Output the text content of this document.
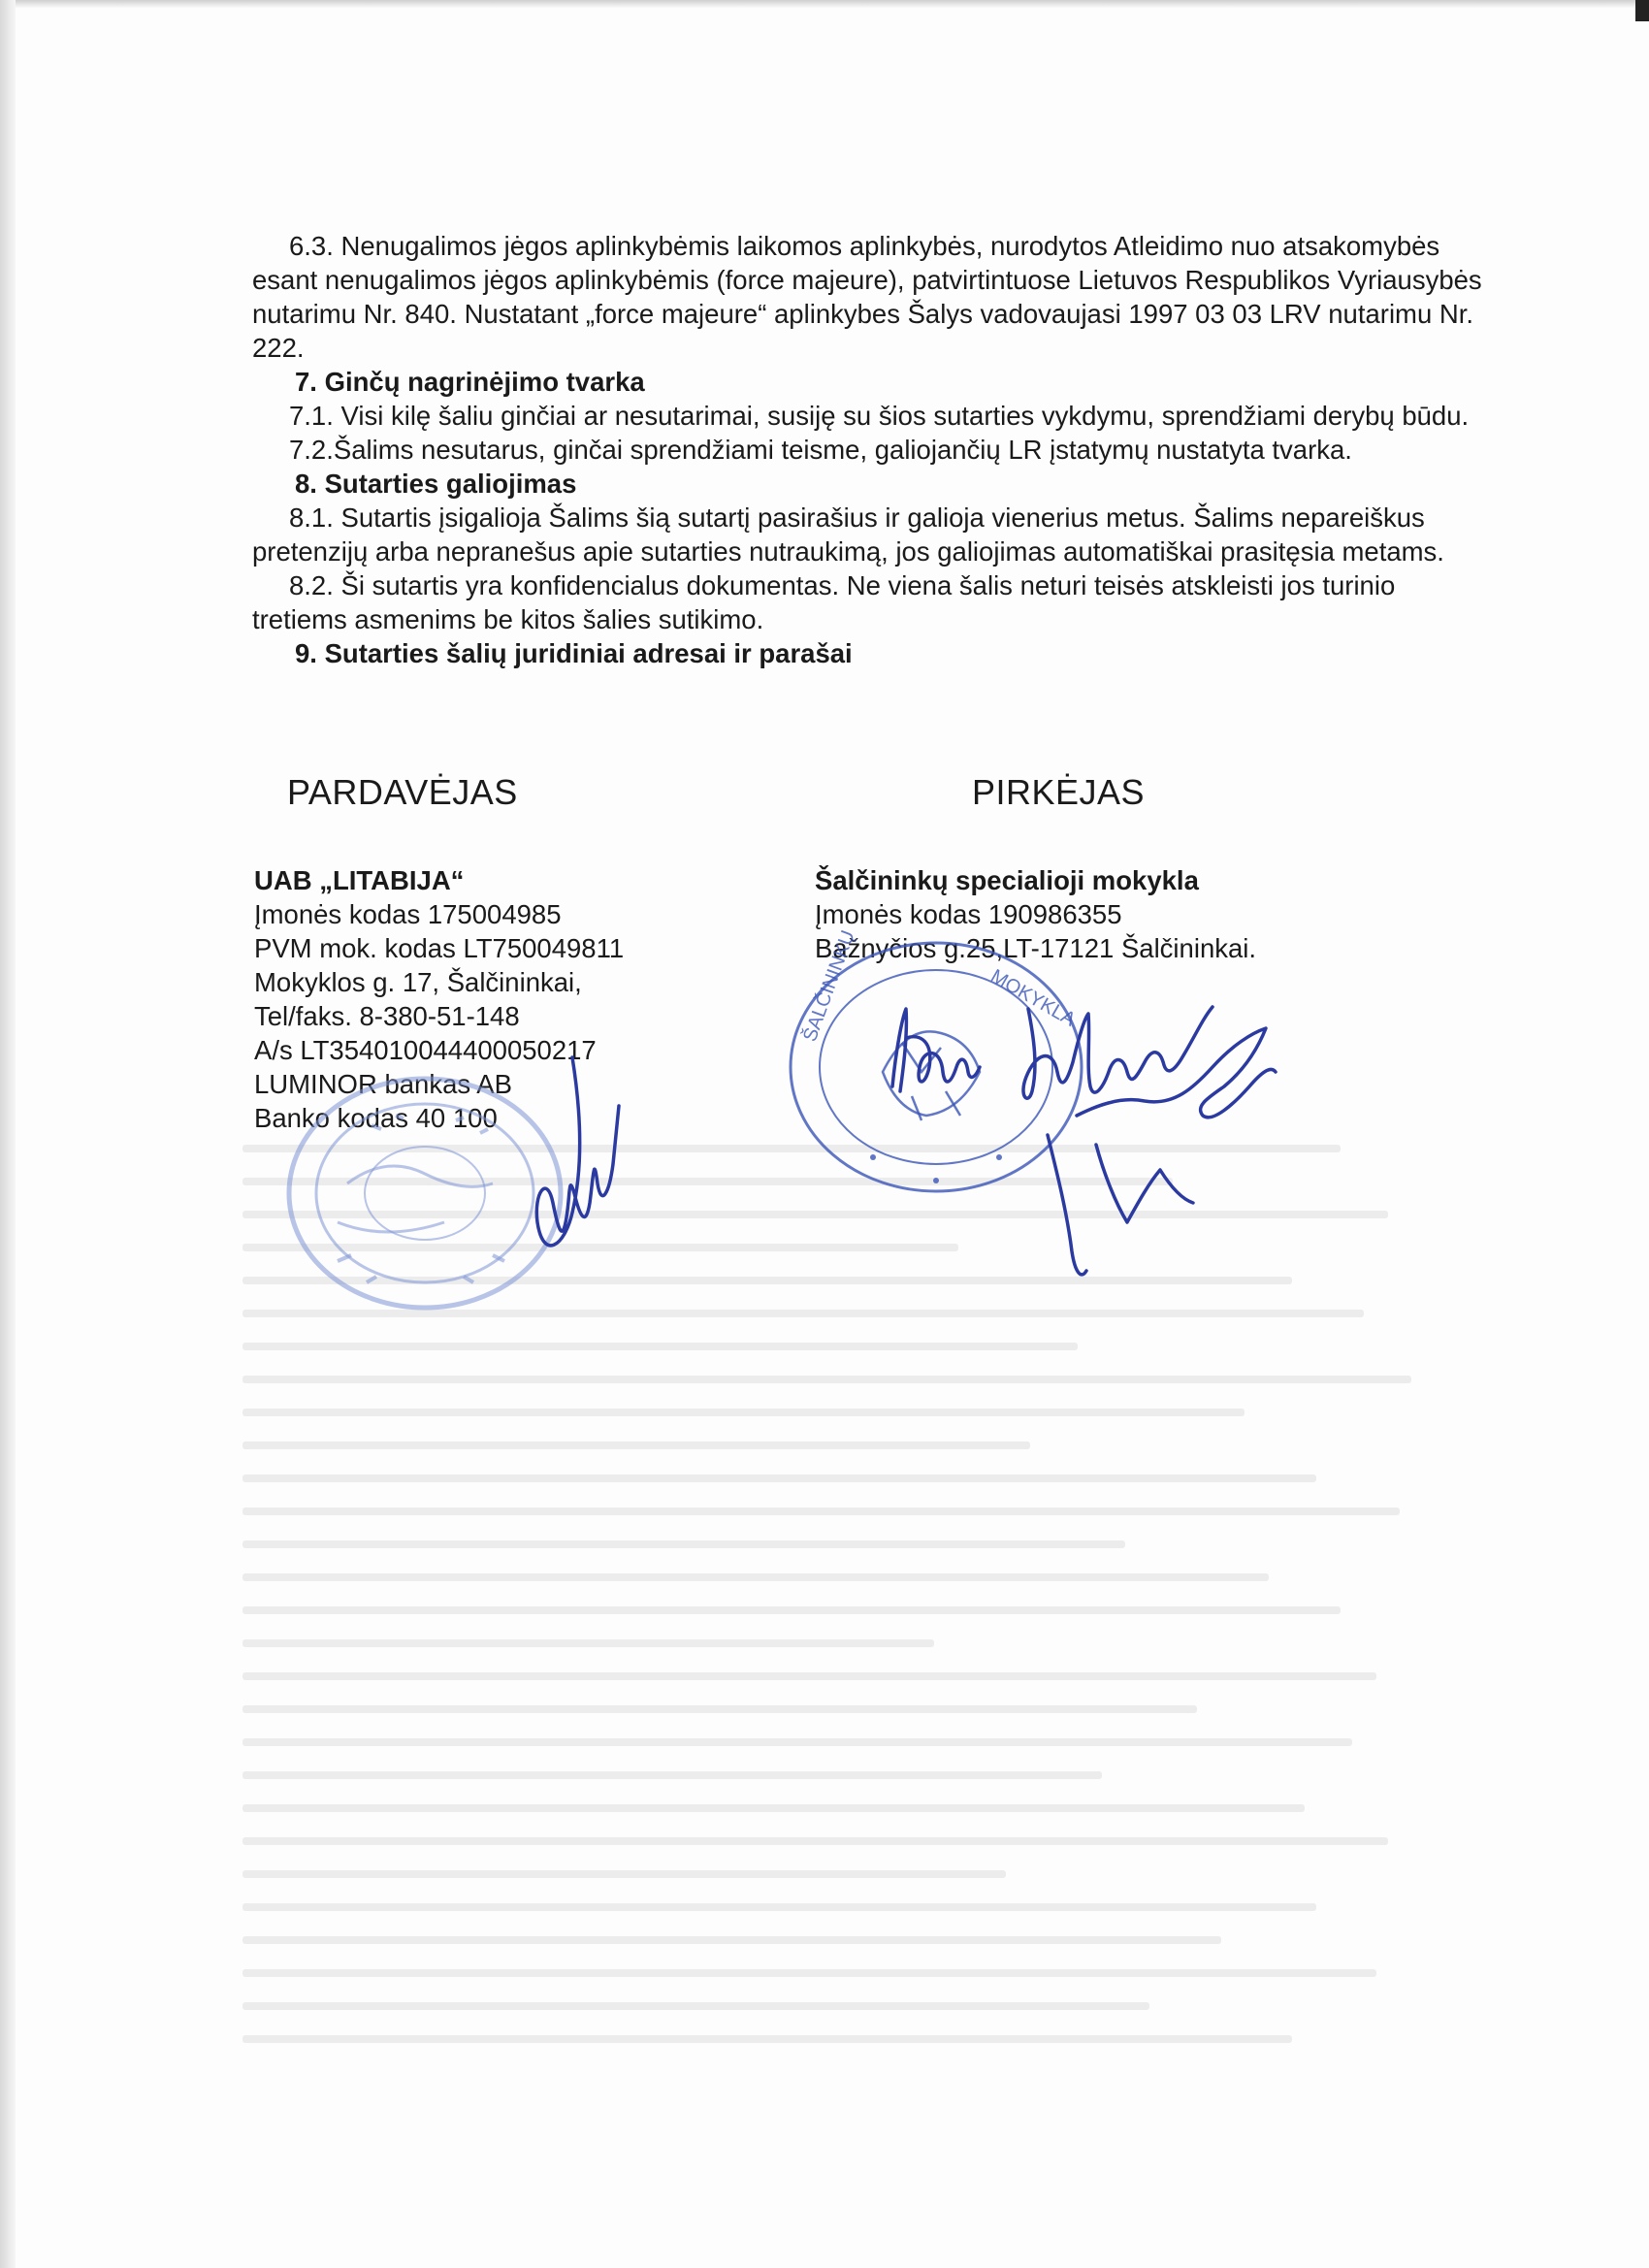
6.3. Nenugalimos jėgos aplinkybėmis laikomos aplinkybės, nurodytos Atleidimo nuo atsakomybės esant nenugalimos jėgos aplinkybėmis (force majeure), patvirtintuose Lietuvos Respublikos Vyriausybės nutarimu Nr. 840. Nustatant „force majeure“ aplinkybes Šalys vadovaujasi 1997 03 03 LRV nutarimu Nr. 222.

7. Ginčų nagrinėjimo tvarka

7.1. Visi kilę šaliu ginčiai ar nesutarimai, susiję su šios sutarties vykdymu, sprendžiami derybų būdu.

7.2.Šalims nesutarus, ginčai sprendžiami teisme, galiojančių LR įstatymų nustatyta tvarka.

8. Sutarties galiojimas

8.1. Sutartis įsigalioja Šalims šią sutartį pasirašius ir galioja vienerius metus. Šalims nepareiškus pretenzijų arba nepranešus apie sutarties nutraukimą, jos galiojimas automatiškai prasitęsia metams.

8.2. Ši sutartis yra konfidencialus dokumentas. Ne viena šalis neturi teisės atskleisti jos turinio tretiems asmenims be kitos šalies sutikimo.

9. Sutarties šalių juridiniai adresai ir parašai

PARDAVĖJAS	PIRKĖJAS
UAB „LITABIJA“
Įmonės kodas 175004985
PVM mok. kodas LT750049811
Mokyklos g. 17, Šalčininkai,
Tel/faks. 8-380-51-148
A/s LT354010044400050217
LUMINOR bankas AB
Banko kodas 40 100
Šalčininkų specialioji mokykla
Įmonės kodas 190986355
Bažnyčios g.25,LT-17121 Šalčininkai.
ŠALČININKŲ	MOKYKLA
